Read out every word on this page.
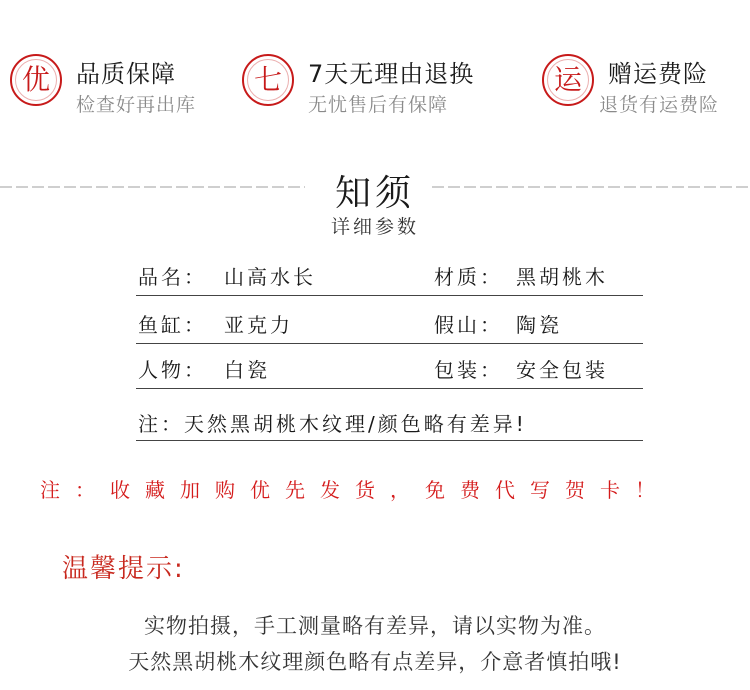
优	品质保障
检查好再出库
七	7天无理由退换
无忧售后有保障
运	赠运费险
退货有运费险
知须
详细参数
品名： 山高水长	材质： 黑胡桃木
鱼缸： 亚克力	假山： 陶瓷
人物： 白瓷	包装： 安全包装
注：天然黑胡桃木纹理/颜色略有差异!
注：收藏加购优先发货，免费代写贺卡！
温馨提示:
实物拍摄，手工测量略有差异，请以实物为准。
天然黑胡桃木纹理颜色略有点差异，介意者慎拍哦!
